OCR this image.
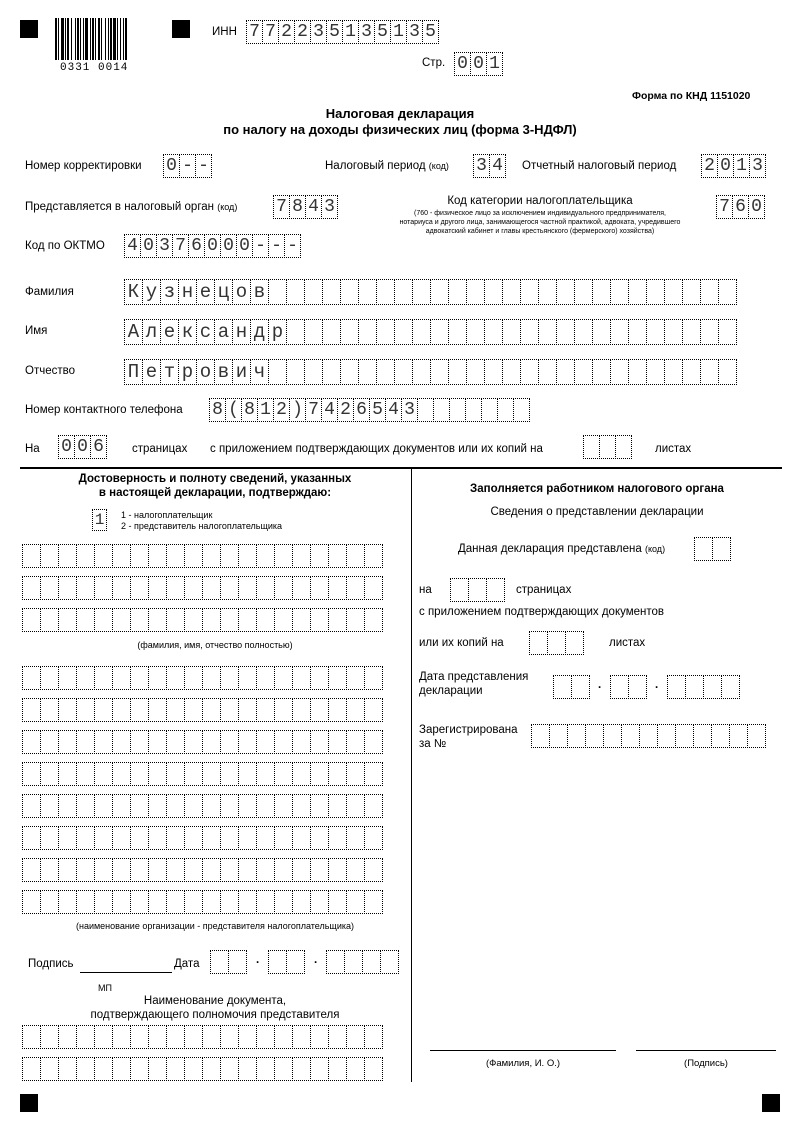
0331 0014
ИНН 7 7 2 2 3 5 1 3 5 1 3 5
Стр. 0 0 1
Форма по КНД 1151020
Налоговая декларация
по налогу на доходы физических лиц (форма 3-НДФЛ)
Номер корректировки 0 - -	Налоговый период (код) 3 4 Отчетный налоговый период 2 0 1 3
Представляется в налоговый орган (код) 7 8 4 3	Код категории налогоплательщика
(760 - физическое лицо за исключением индивидуального предпринимателя,
нотариуса и другого лица, занимающегося частной практикой, адвоката, учредившего
адвокатский кабинет и главы крестьянского (фермерского) хозяйства)
7 6 0
Код по ОКТМО 4 0 3 7 6 0 0 0 - - -
Фамилия	К у з н е ц о в
Имя	А л е к с а н д р
Отчество	П е т р о в и ч
Номер контактного телефона 8 ( 8 1 2 ) 7 4 2 6 5 4 3
На 0 0 6 страницах с приложением подтверждающих документов или их копий на	листах
Достоверность и полноту сведений, указанных
в настоящей декларации, подтверждаю:
1	1 - налогоплательщик
2 - представитель налогоплательщика
(фамилия, имя, отчество полностью)
(наименование организации - представителя налогоплательщика)
Подпись	Дата	.	.
МП
Наименование документа,
подтверждающего полномочия представителя
Заполняется работником налогового органа
Сведения о представлении декларации
Данная декларация представлена (код)
на	страницах
с приложением подтверждающих документов
или их копий на	листах
Дата представления
декларации	.	.
Зарегистрирована
за №
(Фамилия, И. О.)	(Подпись)
